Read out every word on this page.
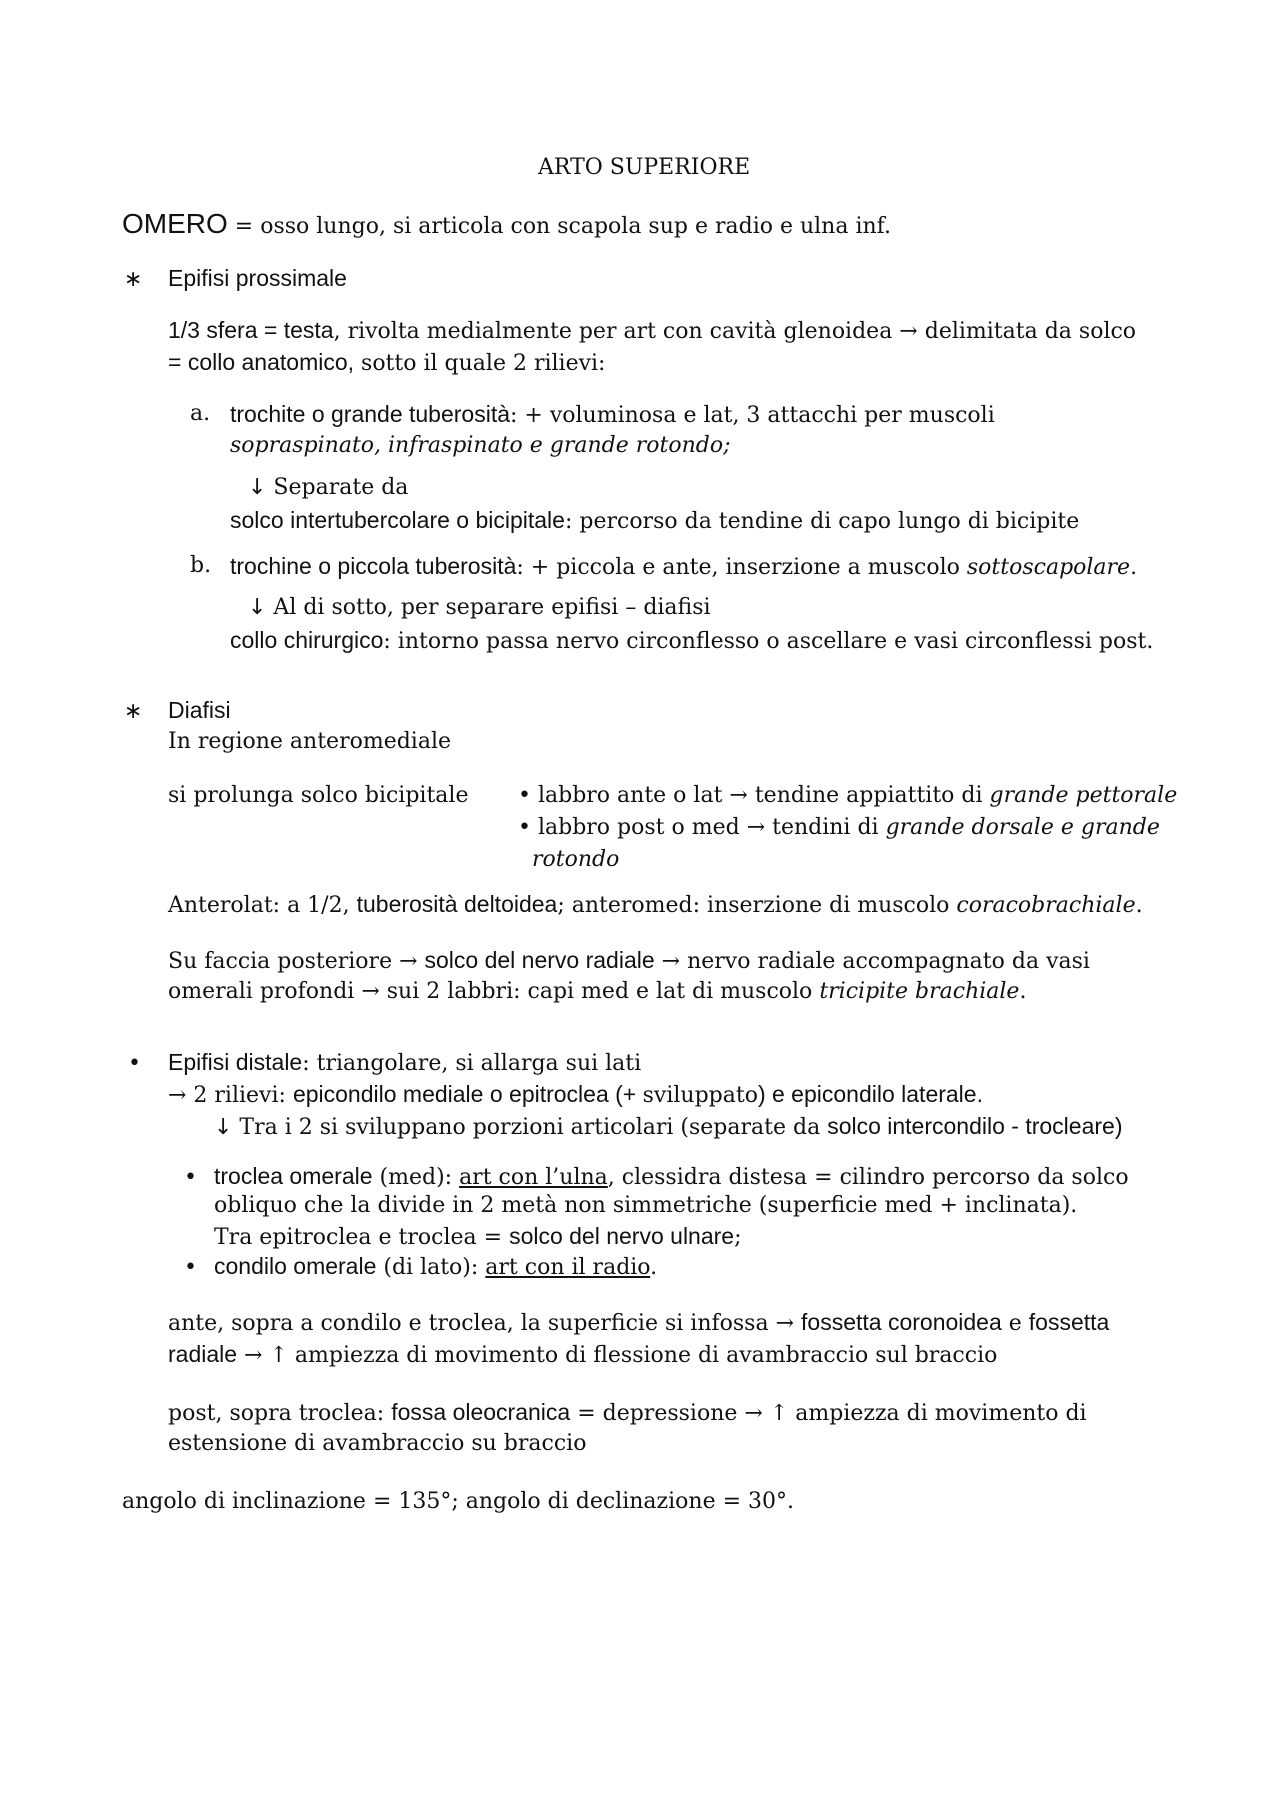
ARTO SUPERIORE
OMERO = osso lungo, si articola con scapola sup e radio e ulna inf.
∗ Epifisi prossimale
1/3 sfera = testa, rivolta medialmente per art con cavità glenoidea → delimitata da solco
= collo anatomico, sotto il quale 2 rilievi:
a. trochite o grande tuberosità: + voluminosa e lat, 3 attacchi per muscoli
sopraspinato, infraspinato e grande rotondo;
↓ Separate da
solco intertubercolare o bicipitale: percorso da tendine di capo lungo di bicipite
b. trochine o piccola tuberosità: + piccola e ante, inserzione a muscolo sottoscapolare.
↓ Al di sotto, per separare epifisi – diafisi
collo chirurgico: intorno passa nervo circonflesso o ascellare e vasi circonflessi post.
∗ Diafisi
In regione anteromediale
si prolunga solco bicipitale • labbro ante o lat → tendine appiattito di grande pettorale
• labbro post o med → tendini di grande dorsale e grande
rotondo
Anterolat: a 1/2, tuberosità deltoidea; anteromed: inserzione di muscolo coracobrachiale.
Su faccia posteriore → solco del nervo radiale → nervo radiale accompagnato da vasi
omerali profondi → sui 2 labbri: capi med e lat di muscolo tricipite brachiale.
• Epifisi distale: triangolare, si allarga sui lati
→ 2 rilievi: epicondilo mediale o epitroclea (+ sviluppato) e epicondilo laterale.
↓ Tra i 2 si sviluppano porzioni articolari (separate da solco intercondilo - trocleare)
• troclea omerale (med): art con l’ulna, clessidra distesa = cilindro percorso da solco
obliquo che la divide in 2 metà non simmetriche (superficie med + inclinata).
Tra epitroclea e troclea = solco del nervo ulnare;
• condilo omerale (di lato): art con il radio.
ante, sopra a condilo e troclea, la superficie si infossa → fossetta coronoidea e fossetta
radiale → ↑ ampiezza di movimento di flessione di avambraccio sul braccio
post, sopra troclea: fossa oleocranica = depressione → ↑ ampiezza di movimento di
estensione di avambraccio su braccio
angolo di inclinazione = 135°; angolo di declinazione = 30°.
